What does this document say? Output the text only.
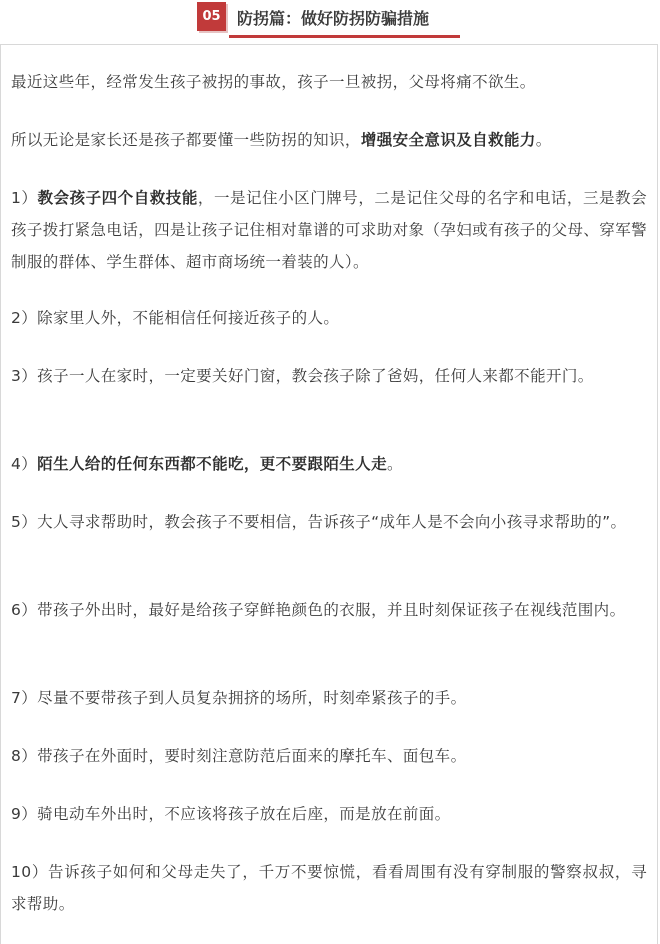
05	防拐篇：做好防拐防骗措施

最近这些年，经常发生孩子被拐的事故，孩子一旦被拐，父母将痛不欲生。

所以无论是家长还是孩子都要懂一些防拐的知识，增强安全意识及自救能力。

1）教会孩子四个自救技能，一是记住小区门牌号，二是记住父母的名字和电话，三是教会孩子拨打紧急电话，四是让孩子记住相对靠谱的可求助对象（孕妇或有孩子的父母、穿军警制服的群体、学生群体、超市商场统一着装的人）。

2）除家里人外，不能相信任何接近孩子的人。

3）孩子一人在家时，一定要关好门窗，教会孩子除了爸妈，任何人来都不能开门。

4）陌生人给的任何东西都不能吃，更不要跟陌生人走。

5）大人寻求帮助时，教会孩子不要相信，告诉孩子“成年人是不会向小孩寻求帮助的”。

6）带孩子外出时，最好是给孩子穿鲜艳颜色的衣服，并且时刻保证孩子在视线范围内。

7）尽量不要带孩子到人员复杂拥挤的场所，时刻牵紧孩子的手。

8）带孩子在外面时，要时刻注意防范后面来的摩托车、面包车。

9）骑电动车外出时，不应该将孩子放在后座，而是放在前面。

10）告诉孩子如何和父母走失了，千万不要惊慌，看看周围有没有穿制服的警察叔叔，寻求帮助。
